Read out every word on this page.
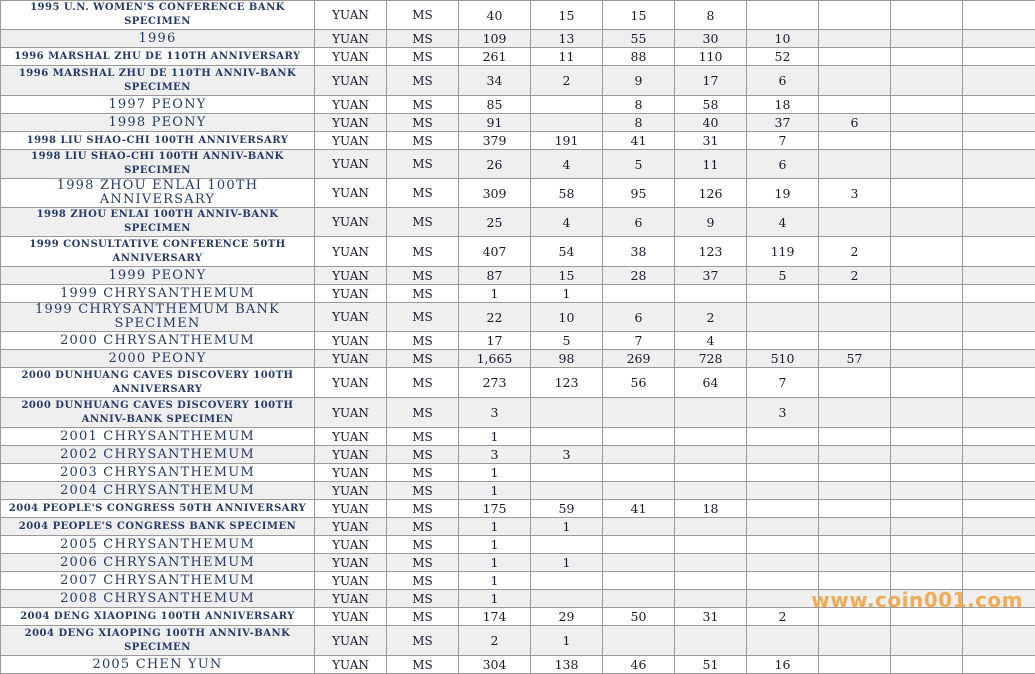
1995 U.N. WOMEN'S CONFERENCE BANK SPECIMEN	YUAN	MS	40	15	15	8				
1996	YUAN	MS	109	13	55	30	10			
1996 MARSHAL ZHU DE 110TH ANNIVERSARY	YUAN	MS	261	11	88	110	52			
1996 MARSHAL ZHU DE 110TH ANNIV-BANK SPECIMEN	YUAN	MS	34	2	9	17	6			
1997 PEONY	YUAN	MS	85		8	58	18			
1998 PEONY	YUAN	MS	91		8	40	37	6		
1998 LIU SHAO-CHI 100TH ANNIVERSARY	YUAN	MS	379	191	41	31	7			
1998 LIU SHAO-CHI 100TH ANNIV-BANK SPECIMEN	YUAN	MS	26	4	5	11	6			
1998 ZHOU ENLAI 100TH ANNIVERSARY	YUAN	MS	309	58	95	126	19	3		
1998 ZHOU ENLAI 100TH ANNIV-BANK SPECIMEN	YUAN	MS	25	4	6	9	4			
1999 CONSULTATIVE CONFERENCE 50TH ANNIVERSARY	YUAN	MS	407	54	38	123	119	2		
1999 PEONY	YUAN	MS	87	15	28	37	5	2		
1999 CHRYSANTHEMUM	YUAN	MS	1	1						
1999 CHRYSANTHEMUM BANK SPECIMEN	YUAN	MS	22	10	6	2				
2000 CHRYSANTHEMUM	YUAN	MS	17	5	7	4				
2000 PEONY	YUAN	MS	1,665	98	269	728	510	57		
2000 DUNHUANG CAVES DISCOVERY 100TH ANNIVERSARY	YUAN	MS	273	123	56	64	7			
2000 DUNHUANG CAVES DISCOVERY 100TH ANNIV-BANK SPECIMEN	YUAN	MS	3				3			
2001 CHRYSANTHEMUM	YUAN	MS	1							
2002 CHRYSANTHEMUM	YUAN	MS	3	3						
2003 CHRYSANTHEMUM	YUAN	MS	1							
2004 CHRYSANTHEMUM	YUAN	MS	1							
2004 PEOPLE'S CONGRESS 50TH ANNIVERSARY	YUAN	MS	175	59	41	18				
2004 PEOPLE'S CONGRESS BANK SPECIMEN	YUAN	MS	1	1						
2005 CHRYSANTHEMUM	YUAN	MS	1							
2006 CHRYSANTHEMUM	YUAN	MS	1	1						
2007 CHRYSANTHEMUM	YUAN	MS	1							
2008 CHRYSANTHEMUM	YUAN	MS	1							
2004 DENG XIAOPING 100TH ANNIVERSARY	YUAN	MS	174	29	50	31	2			
2004 DENG XIAOPING 100TH ANNIV-BANK SPECIMEN	YUAN	MS	2	1						
2005 CHEN YUN	YUAN	MS	304	138	46	51	16			
www.coin001.com
